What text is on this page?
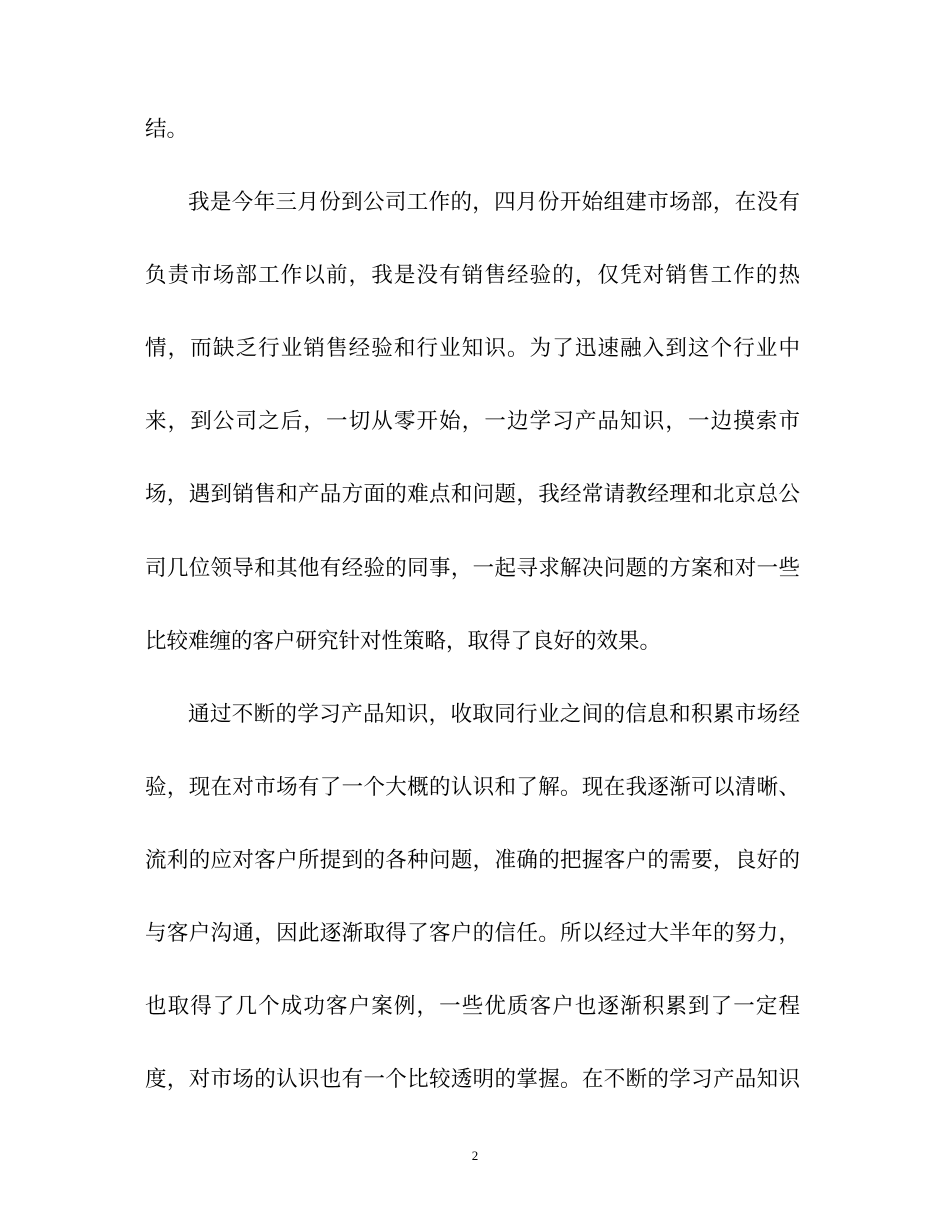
结。
我是今年三月份到公司工作的，四月份开始组建市场部，在没有
负责市场部工作以前，我是没有销售经验的，仅凭对销售工作的热
情，而缺乏行业销售经验和行业知识。为了迅速融入到这个行业中
来，到公司之后，一切从零开始，一边学习产品知识，一边摸索市
场，遇到销售和产品方面的难点和问题，我经常请教经理和北京总公
司几位领导和其他有经验的同事，一起寻求解决问题的方案和对一些
比较难缠的客户研究针对性策略，取得了良好的效果。
通过不断的学习产品知识，收取同行业之间的信息和积累市场经
验，现在对市场有了一个大概的认识和了解。现在我逐渐可以清晰、
流利的应对客户所提到的各种问题，准确的把握客户的需要，良好的
与客户沟通，因此逐渐取得了客户的信任。所以经过大半年的努力，
也取得了几个成功客户案例，一些优质客户也逐渐积累到了一定程
度，对市场的认识也有一个比较透明的掌握。在不断的学习产品知识
2
